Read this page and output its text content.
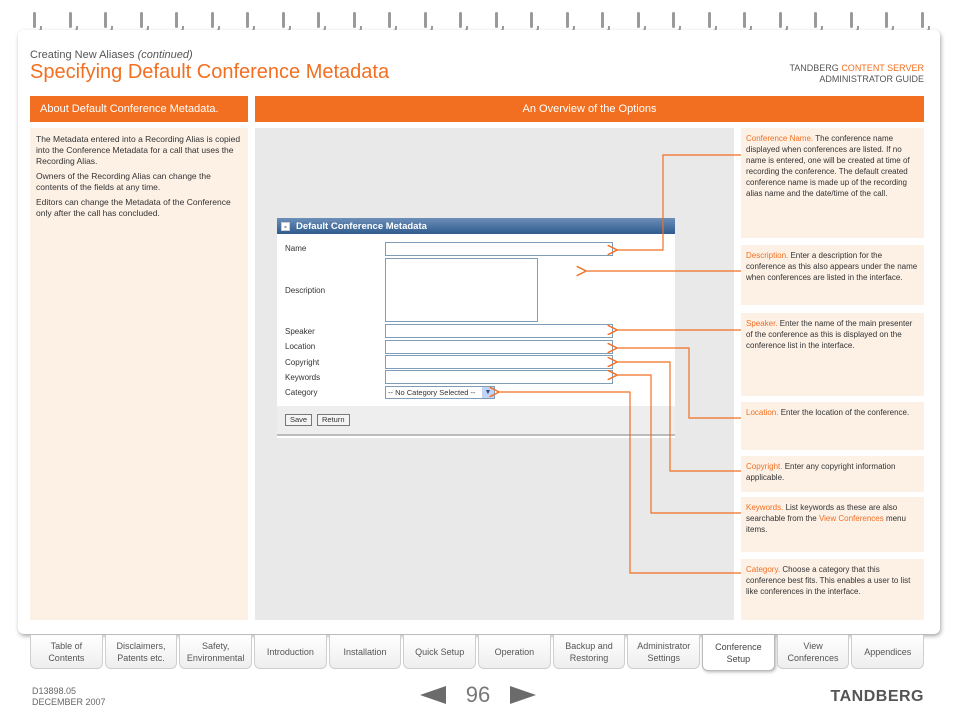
Creating New Aliases (continued)
Specifying Default Conference Metadata	TANDBERG CONTENT SERVER
ADMINISTRATOR GUIDE
About Default Conference Metadata.	An Overview of the Options

The Metadata entered into a Recording Alias is copied into the Conference Metadata for a call that uses the Recording Alias.

Owners of the Recording Alias can change the contents of the fields at any time.

Editors can change the Metadata of the Conference only after the call has concluded.

- Default Conference Metadata
Name
Description
Speaker
Location
Copyright
Keywords
Category	-- No Category Selected --	▼
Save	Return
Conference Name. The conference name displayed when conferences are listed. If no name is entered, one will be created at time of recording the conference. The default created conference name is made up of the recording alias name and the date/time of the call.
Description. Enter a description for the conference as this also appears under the name when conferences are listed in the interface.
Speaker. Enter the name of the main presenter of the conference as this is displayed on the conference list in the interface.
Location. Enter the location of the conference.
Copyright. Enter any copyright information applicable.
Keywords. List keywords as these are also searchable from the View Conferences menu items.
Category. Choose a category that this conference best fits. This enables a user to list like conferences in the interface.
Table of Contents
Disclaimers, Patents etc.
Safety, Environmental
Introduction	Installation	Quick Setup	Operation
Backup and Restoring
Administrator Settings
Conference Setup
View Conferences
Appendices
D13898.05
DECEMBER 2007	96	TANDBERG
